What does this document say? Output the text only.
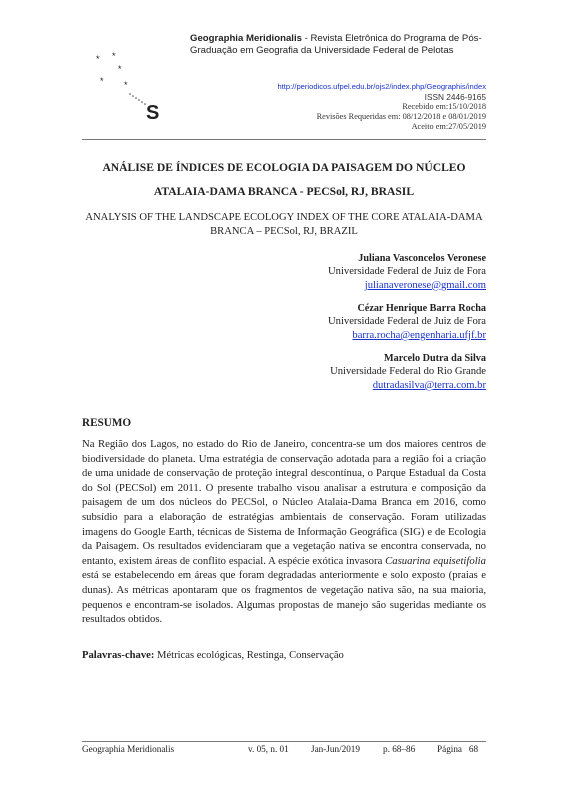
* *
*
* *
S
Geographia Meridionalis - Revista Eletrônica do Programa de Pós-Graduação em Geografia da Universidade Federal de Pelotas
http://periodicos.ufpel.edu.br/ojs2/index.php/Geographis/index
ISSN 2446-9165
Recebido em:15/10/2018
Revisões Requeridas em: 08/12/2018 e 08/01/2019
Aceito em:27/05/2019
ANÁLISE DE ÍNDICES DE ECOLOGIA DA PAISAGEM DO NÚCLEO ATALAIA-DAMA BRANCA - PECSol, RJ, BRASIL
ANALYSIS OF THE LANDSCAPE ECOLOGY INDEX OF THE CORE ATALAIA-DAMA BRANCA – PECSol, RJ, BRAZIL
Juliana Vasconcelos Veronese
Universidade Federal de Juiz de Fora
julianaveronese@gmail.com
Cézar Henrique Barra Rocha
Universidade Federal de Juiz de Fora
barra.rocha@engenharia.ufjf.br
Marcelo Dutra da Silva
Universidade Federal do Rio Grande
dutradasilva@terra.com.br
RESUMO
Na Região dos Lagos, no estado do Rio de Janeiro, concentra-se um dos maiores centros de biodiversidade do planeta. Uma estratégia de conservação adotada para a região foi a criação de uma unidade de conservação de proteção integral descontínua, o Parque Estadual da Costa do Sol (PECSol) em 2011. O presente trabalho visou analisar a estrutura e composição da paisagem de um dos núcleos do PECSol, o Núcleo Atalaia-Dama Branca em 2016, como subsídio para a elaboração de estratégias ambientais de conservação. Foram utilizadas imagens do Google Earth, técnicas de Sistema de Informação Geográfica (SIG) e de Ecologia da Paisagem. Os resultados evidenciaram que a vegetação nativa se encontra conservada, no entanto, existem áreas de conflito espacial. A espécie exótica invasora Casuarina equisetifolia está se estabelecendo em áreas que foram degradadas anteriormente e solo exposto (praias e dunas). As métricas apontaram que os fragmentos de vegetação nativa são, na sua maioria, pequenos e encontram-se isolados. Algumas propostas de manejo são sugeridas mediante os resultados obtidos.
Palavras-chave: Métricas ecológicas, Restinga, Conservação
Geographia Meridionalis	v. 05, n. 01 Jan-Jun/2019	p. 68–86 Página   68
